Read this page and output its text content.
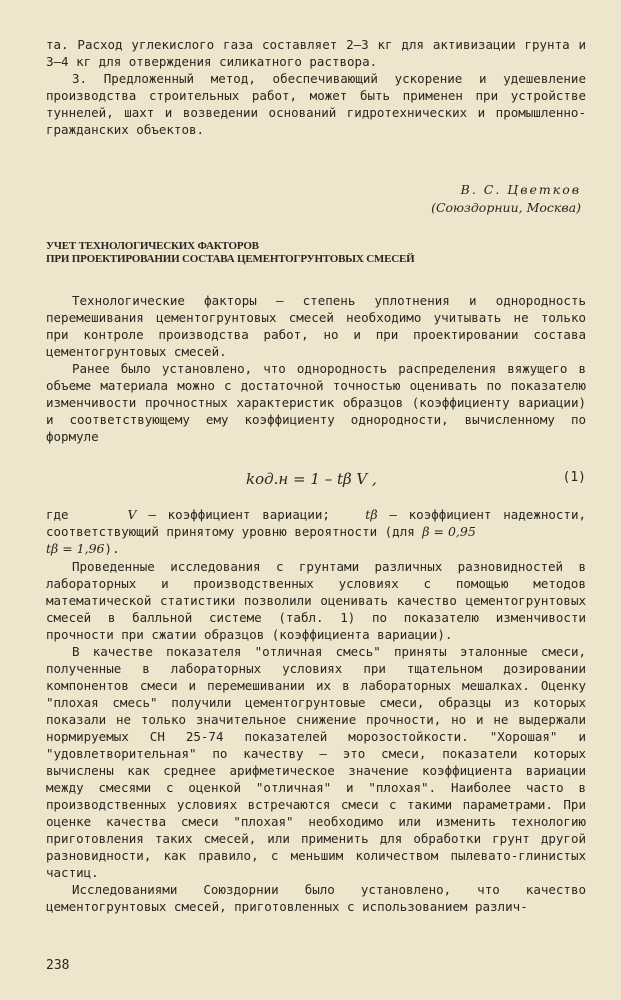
та. Расход углекислого газа составляет 2–3 кг для активизации грунта и 3–4 кг для отверждения силикатного раствора.

3. Предложенный метод, обеспечивающий ускорение и удешевление производства строительных работ, может быть применен при устройстве туннелей, шахт и возведении оснований гидротехнических и промышленно-гражданских объектов.

В. С. Цветков

(Союздорнии, Москва)

УЧЕТ ТЕХНОЛОГИЧЕСКИХ ФАКТОРОВ

ПРИ ПРОЕКТИРОВАНИИ СОСТАВА ЦЕМЕНТОГРУНТОВЫХ СМЕСЕЙ

Технологические факторы – степень уплотнения и однородность перемешивания цементогрунтовых смесей необходимо учитывать не только при контроле производства работ, но и при проектировании состава цементогрунтовых смесей.

Ранее было установлено, что однородность распределения вяжущего в объеме материала можно с достаточной точностью оценивать по показателю изменчивости прочностных характеристик образцов (коэффициенту вариации) и соответствующему ему коэффициенту однородности, вычисленному по формуле

kод.н = 1 – tβ V ,	(1)

где	V – коэффициент вариации;	tβ – коэффициент надежности, соответствующий принятому уровню вероятности (для β = 0,95
tβ = 1,96).

Проведенные исследования с грунтами различных разновидностей в лабораторных и производственных условиях с помощью методов математической статистики позволили оценивать качество цементогрунтовых смесей в балльной системе (табл. 1) по показателю изменчивости прочности при сжатии образцов (коэффициента вариации).

В качестве показателя "отличная смесь" приняты эталонные смеси, полученные в лабораторных условиях при тщательном дозировании компонентов смеси и перемешивании их в лабораторных мешалках. Оценку "плохая смесь" получили цементогрунтовые смеси, образцы из которых показали не только значительное снижение прочности, но и не выдержали нормируемых СН 25-74 показателей морозостойкости. "Хорошая" и "удовлетворительная" по качеству – это смеси, показатели которых вычислены как среднее арифметическое значение коэффициента вариации между смесями с оценкой "отличная" и "плохая". Наиболее часто в производственных условиях встречаются смеси с такими параметрами. При оценке качества смеси "плохая" необходимо или изменить технологию приготовления таких смесей, или применить для обработки грунт другой разновидности, как правило, с меньшим количеством пылевато-глинистых частиц.

Исследованиями Союздорнии было установлено, что качество цементогрунтовых смесей, приготовленных с использованием различ-

238
